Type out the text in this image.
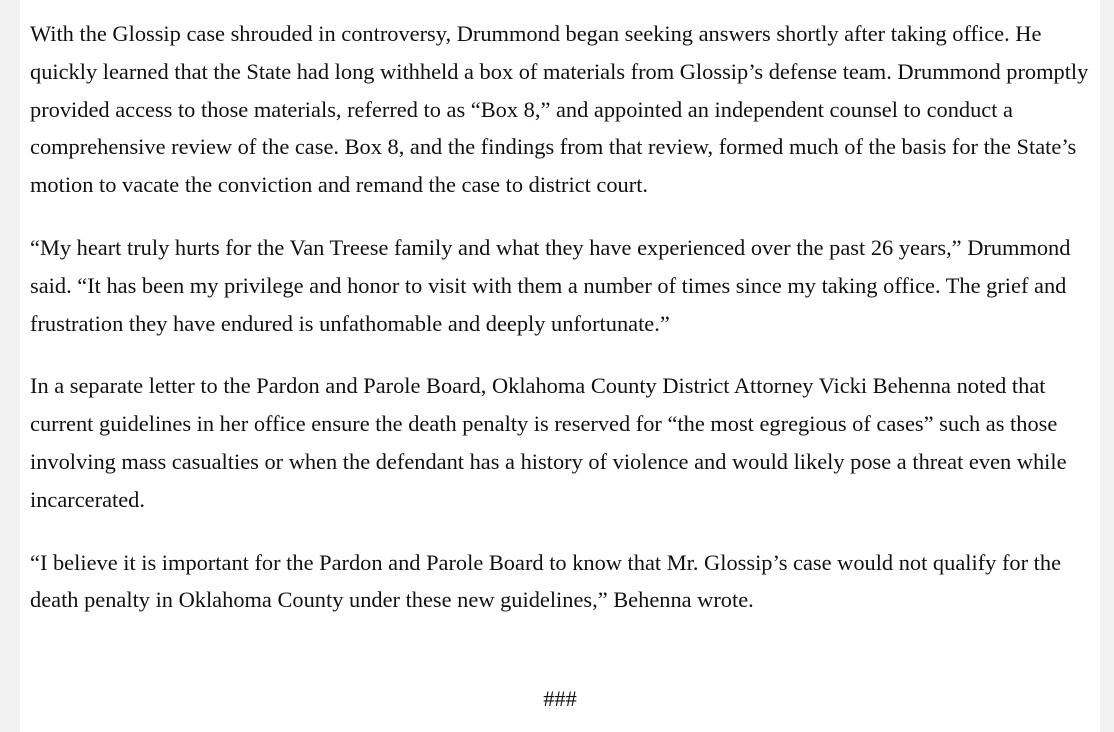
With the Glossip case shrouded in controversy, Drummond began seeking answers shortly after taking office. He quickly learned that the State had long withheld a box of materials from Glossip’s defense team. Drummond promptly provided access to those materials, referred to as “Box 8,” and appointed an independent counsel to conduct a comprehensive review of the case. Box 8, and the findings from that review, formed much of the basis for the State’s motion to vacate the conviction and remand the case to district court.

“My heart truly hurts for the Van Treese family and what they have experienced over the past 26 years,” Drummond said. “It has been my privilege and honor to visit with them a number of times since my taking office. The grief and frustration they have endured is unfathomable and deeply unfortunate.”

In a separate letter to the Pardon and Parole Board, Oklahoma County District Attorney Vicki Behenna noted that current guidelines in her office ensure the death penalty is reserved for “the most egregious of cases” such as those involving mass casualties or when the defendant has a history of violence and would likely pose a threat even while incarcerated.

“I believe it is important for the Pardon and Parole Board to know that Mr. Glossip’s case would not qualify for the death penalty in Oklahoma County under these new guidelines,” Behenna wrote.

###
